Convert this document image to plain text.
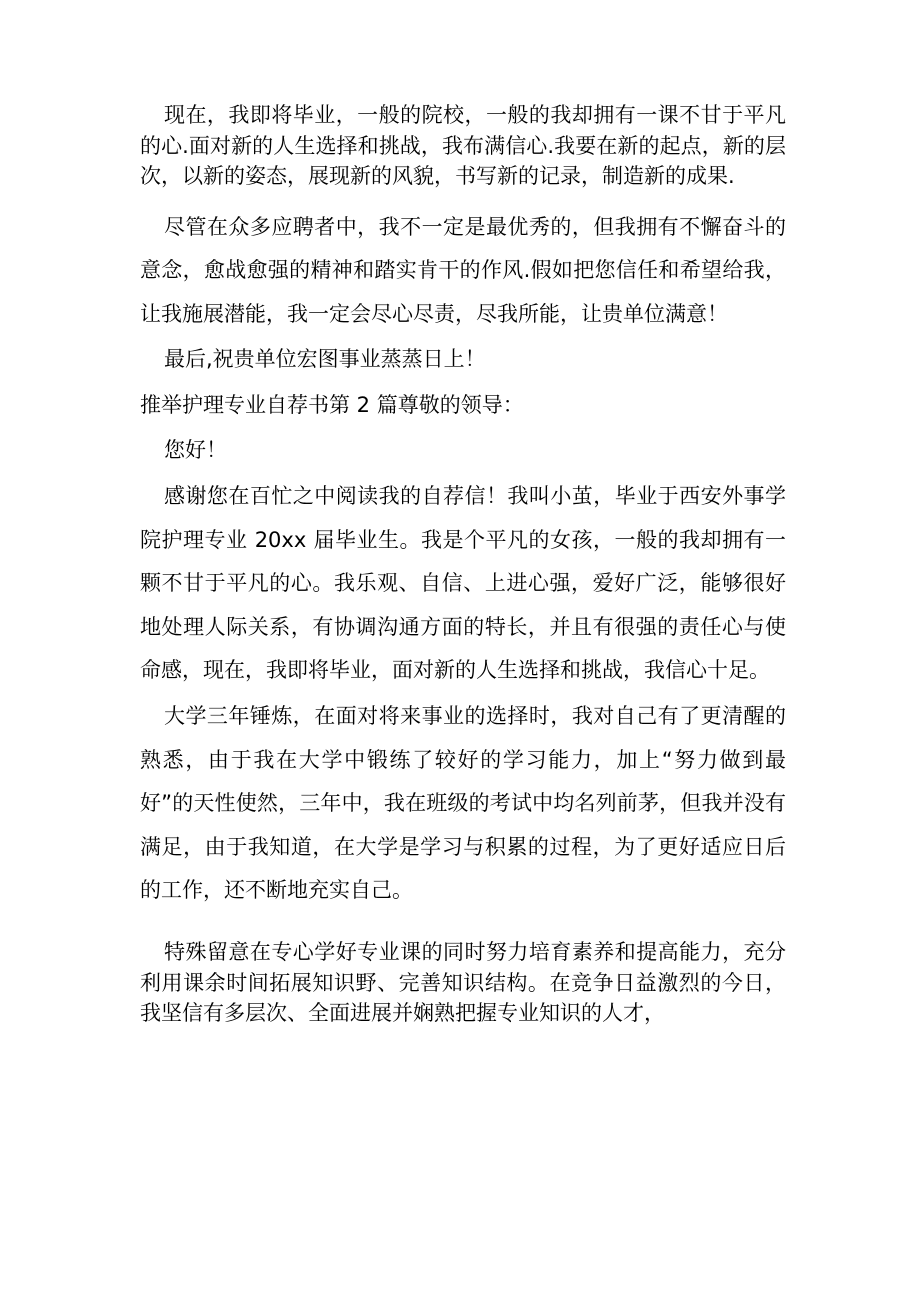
现在，我即将毕业，一般的院校，一般的我却拥有一课不甘于平凡的心.面对新的人生选择和挑战，我布满信心.我要在新的起点，新的层次，以新的姿态，展现新的风貌，书写新的记录，制造新的成果.

尽管在众多应聘者中，我不一定是最优秀的，但我拥有不懈奋斗的意念，愈战愈强的精神和踏实肯干的作风.假如把您信任和希望给我，让我施展潜能，我一定会尽心尽责，尽我所能，让贵单位满意！

最后,祝贵单位宏图事业蒸蒸日上！

推举护理专业自荐书第 2 篇尊敬的领导：

您好！

感谢您在百忙之中阅读我的自荐信！我叫小茧，毕业于西安外事学院护理专业 20xx 届毕业生。我是个平凡的女孩，一般的我却拥有一颗不甘于平凡的心。我乐观、自信、上进心强，爱好广泛，能够很好地处理人际关系，有协调沟通方面的特长，并且有很强的责任心与使命感，现在，我即将毕业，面对新的人生选择和挑战，我信心十足。

大学三年锤炼，在面对将来事业的选择时，我对自己有了更清醒的熟悉，由于我在大学中锻练了较好的学习能力，加上“努力做到最好”的天性使然，三年中，我在班级的考试中均名列前茅，但我并没有满足，由于我知道，在大学是学习与积累的过程，为了更好适应日后的工作，还不断地充实自己。

特殊留意在专心学好专业课的同时努力培育素养和提高能力，充分利用课余时间拓展知识野、完善知识结构。在竞争日益激烈的今日，我坚信有多层次、全面进展并娴熟把握专业知识的人才，
